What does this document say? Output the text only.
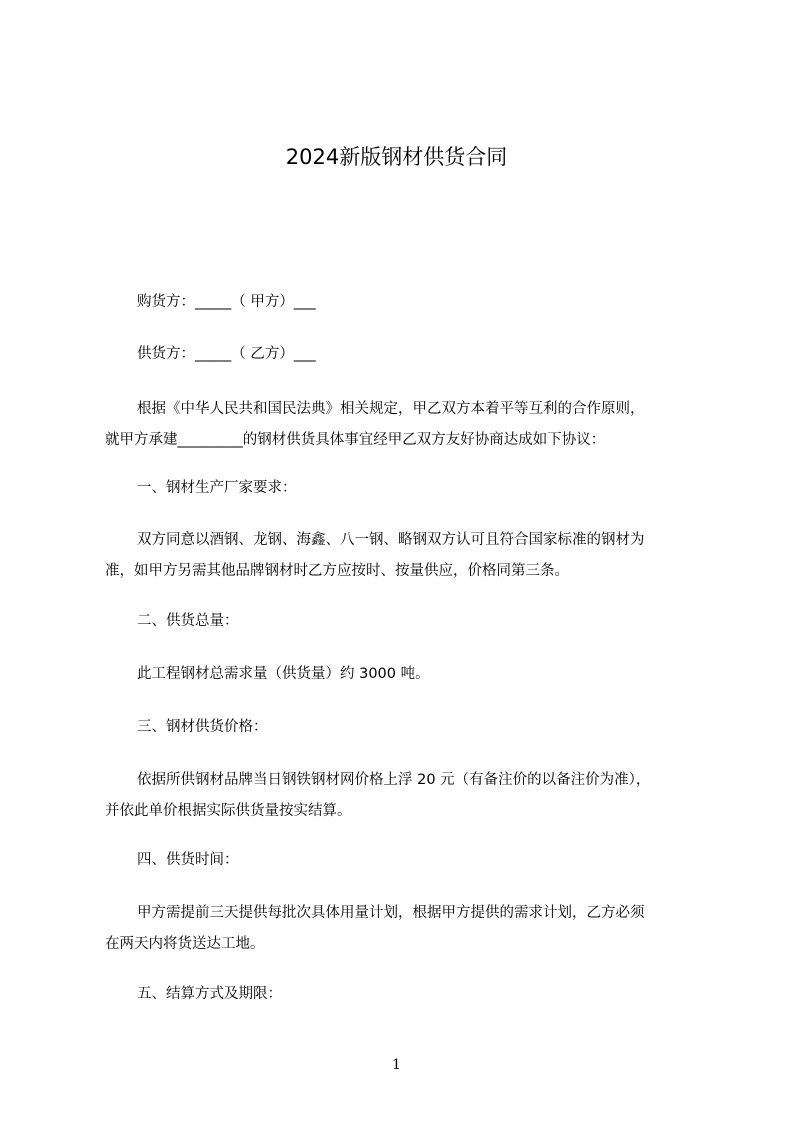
2024新版钢材供货合同
购货方：_____（ 甲方）___
供货方：_____（ 乙方）___
根据《中华人民共和国民法典》相关规定，甲乙双方本着平等互利的合作原则，
就甲方承建_________的钢材供货具体事宜经甲乙双方友好协商达成如下协议：
一、钢材生产厂家要求：
双方同意以酒钢、龙钢、海鑫、八一钢、略钢双方认可且符合国家标准的钢材为
准，如甲方另需其他品牌钢材时乙方应按时、按量供应，价格同第三条。
二、供货总量：
此工程钢材总需求量（供货量）约 3000 吨。
三、钢材供货价格：
依据所供钢材品牌当日钢铁钢材网价格上浮 20 元（有备注价的以备注价为准），
并依此单价根据实际供货量按实结算。
四、供货时间：
甲方需提前三天提供每批次具体用量计划，根据甲方提供的需求计划，乙方必须
在两天内将货送达工地。
五、结算方式及期限：
1
